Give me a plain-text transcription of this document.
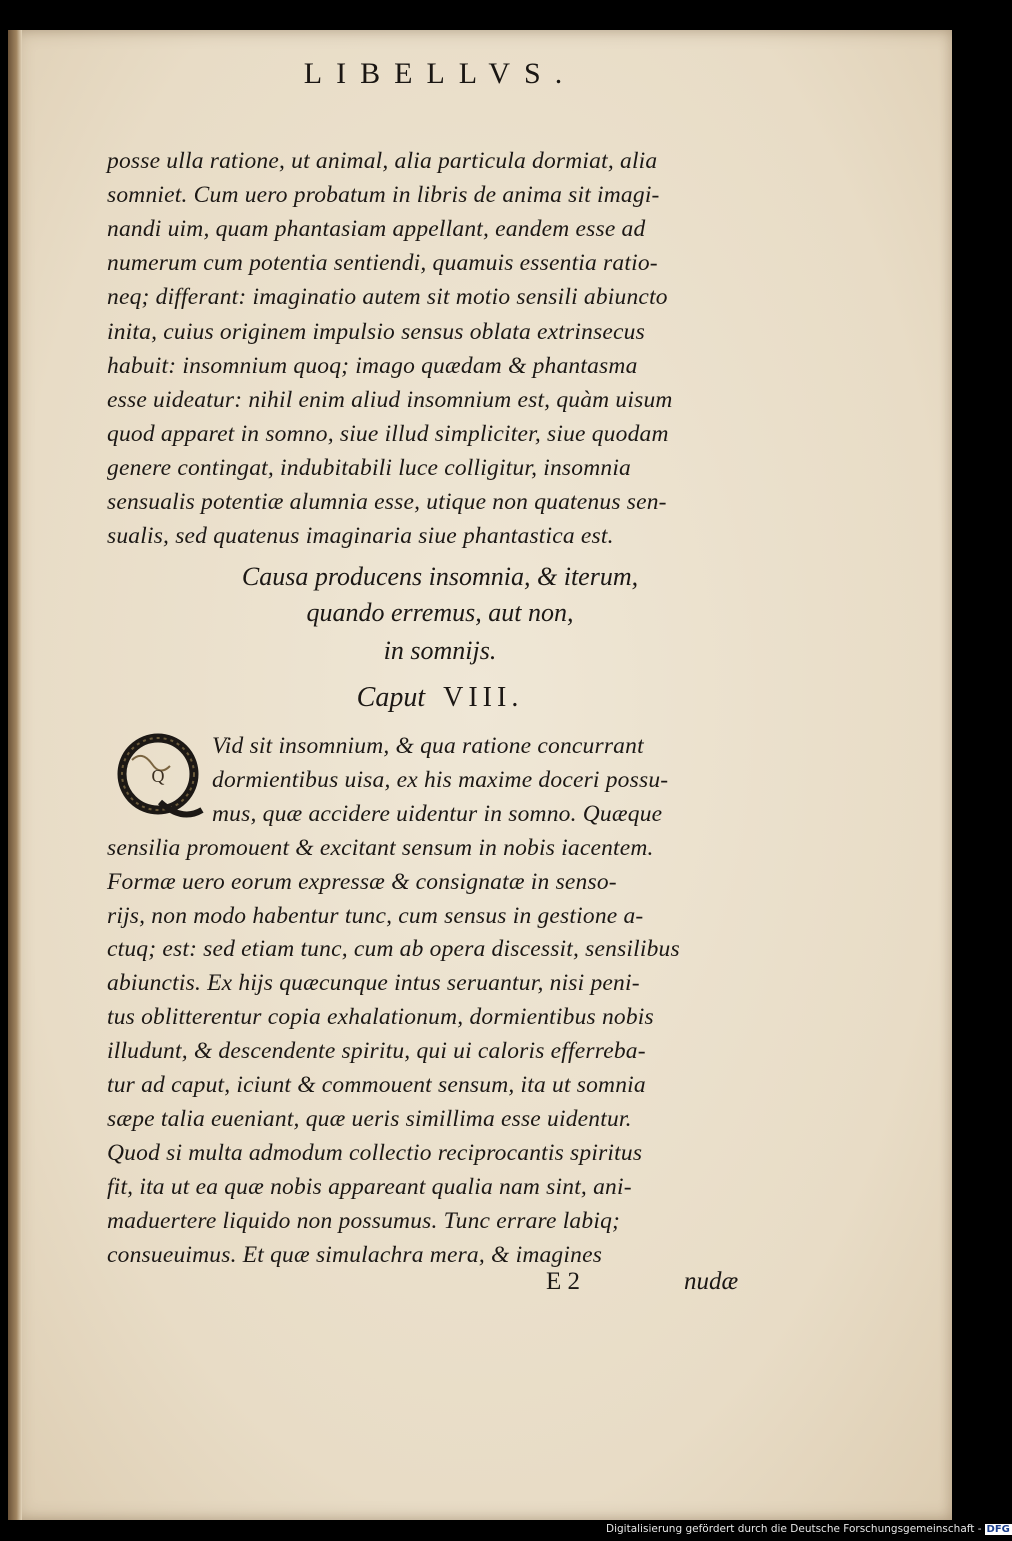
LIBELLVS.
posse ulla ratione, ut animal, alia particula dormiat, alia
somniet. Cum uero probatum in libris de anima sit imagi-
nandi uim, quam phantasiam appellant, eandem esse ad
numerum cum potentia sentiendi, quamuis essentia ratio-
neq; differant: imaginatio autem sit motio sensili abiuncto
inita, cuius originem impulsio sensus oblata extrinsecus
habuit: insomnium quoq; imago quædam & phantasma
esse uideatur: nihil enim aliud insomnium est, quàm uisum
quod apparet in somno, siue illud simpliciter, siue quodam
genere contingat, indubitabili luce colligitur, insomnia
sensualis potentiæ alumnia esse, utique non quatenus sen-
sualis, sed quatenus imaginaria siue phantastica est.
Causa producens insomnia, & iterum,
quando erremus, aut non,
in somnijs.
Caput VIII.
Q
Vid sit insomnium, & qua ratione concurrant
dormientibus uisa, ex his maxime doceri possu-
mus, quæ accidere uidentur in somno. Quæque
sensilia promouent & excitant sensum in nobis iacentem.
Formæ uero eorum expressæ & consignatæ in senso-
rijs, non modo habentur tunc, cum sensus in gestione a-
ctuq; est: sed etiam tunc, cum ab opera discessit, sensilibus
abiunctis. Ex hijs quæcunque intus seruantur, nisi peni-
tus oblitterentur copia exhalationum, dormientibus nobis
illudunt, & descendente spiritu, qui ui caloris efferreba-
tur ad caput, iciunt & commouent sensum, ita ut somnia
sæpe talia eueniant, quæ ueris simillima esse uidentur.
Quod si multa admodum collectio reciprocantis spiritus
fit, ita ut ea quæ nobis appareant qualia nam sint, ani-
maduertere liquido non possumus. Tunc errare labiq;
consueuimus. Et quæ simulachra mera, & imagines
E 2	nudæ
Digitalisierung gefördert durch die Deutsche Forschungsgemeinschaft - DFG
